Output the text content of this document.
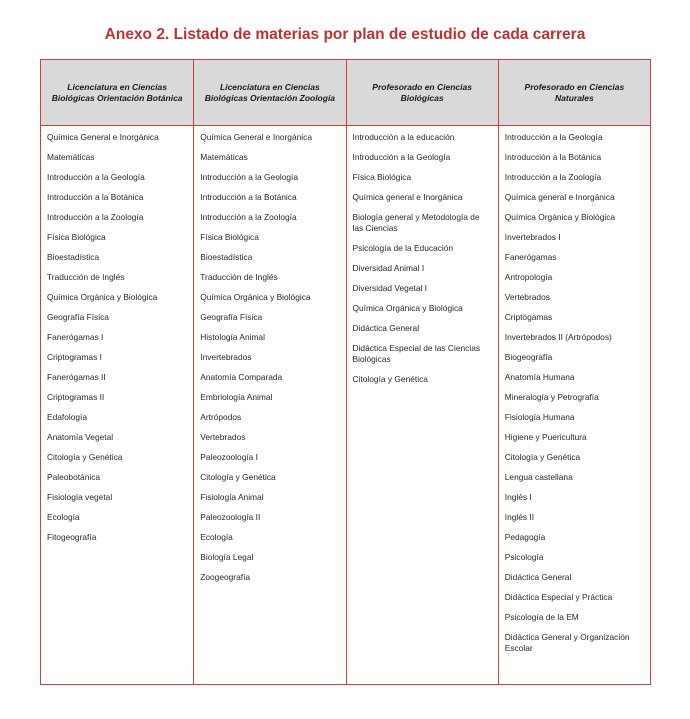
Anexo 2. Listado de materias por plan de estudio de cada carrera
Licenciatura en Ciencias Biológicas Orientación Botánica
Química General e Inorgánica
Matemáticas
Introducción a la Geología
Introducción a la Botánica
Introducción a la Zoología
Física Biológica
Bioestadística
Traducción de Inglés
Química Orgánica y Biológica
Geografía Física
Fanerógamas I
Criptogramas I
Fanerógamas II
Criptogramas II
Edafología
Anatomía Vegetal
Citología y Genética
Paleobotánica
Fisiología vegetal
Ecología
Fitogeografía
Licenciatura en Ciencias Biológicas Orientación Zoología
Química General e Inorgánica
Matemáticas
Introducción a la Geología
Introducción a la Botánica
Introducción a la Zoología
Física Biológica
Bioestadística
Traducción de Inglés
Química Orgánica y Biológica
Geografía Física
Histología Animal
Invertebrados
Anatomía Comparada
Embriología Animal
Artrópodos
Vertebrados
Paleozoología I
Citología y Genética
Fisiología Animal
Paleozoología II
Ecología
Biología Legal
Zoogeografía
Profesorado en Ciencias Biológicas
Introducción a la educación
Introducción a la Geología
Física Biológica
Química general e Inorgánica
Biología general y Metodología de las Ciencias
Psicología de la Educación
Diversidad Animal I
Diversidad Vegetal I
Química Orgánica y Biológica
Didáctica General
Didáctica Especial de las Ciencias Biológicas
Citología y Genética
Profesorado en Ciencias Naturales
Introducción a la Geología
Introducción a la Botánica
Introducción a la Zoología
Química general e Inorgánica
Química Orgánica y Biológica
Invertebrados I
Fanerógamas
Antropología
Vertebrados
Criptógamas
Invertebrados II (Artrópodos)
Biogeografía
Anatomía Humana
Mineralogía y Petrografía
Fisiología Humana
Higiene y Puericultura
Citología y Genética
Lengua castellana
Inglés I
Inglés II
Pedagogía
Psicología
Didáctica General
Didáctica Especial y Práctica
Psicología de la EM
Didáctica General y Organización Escolar
